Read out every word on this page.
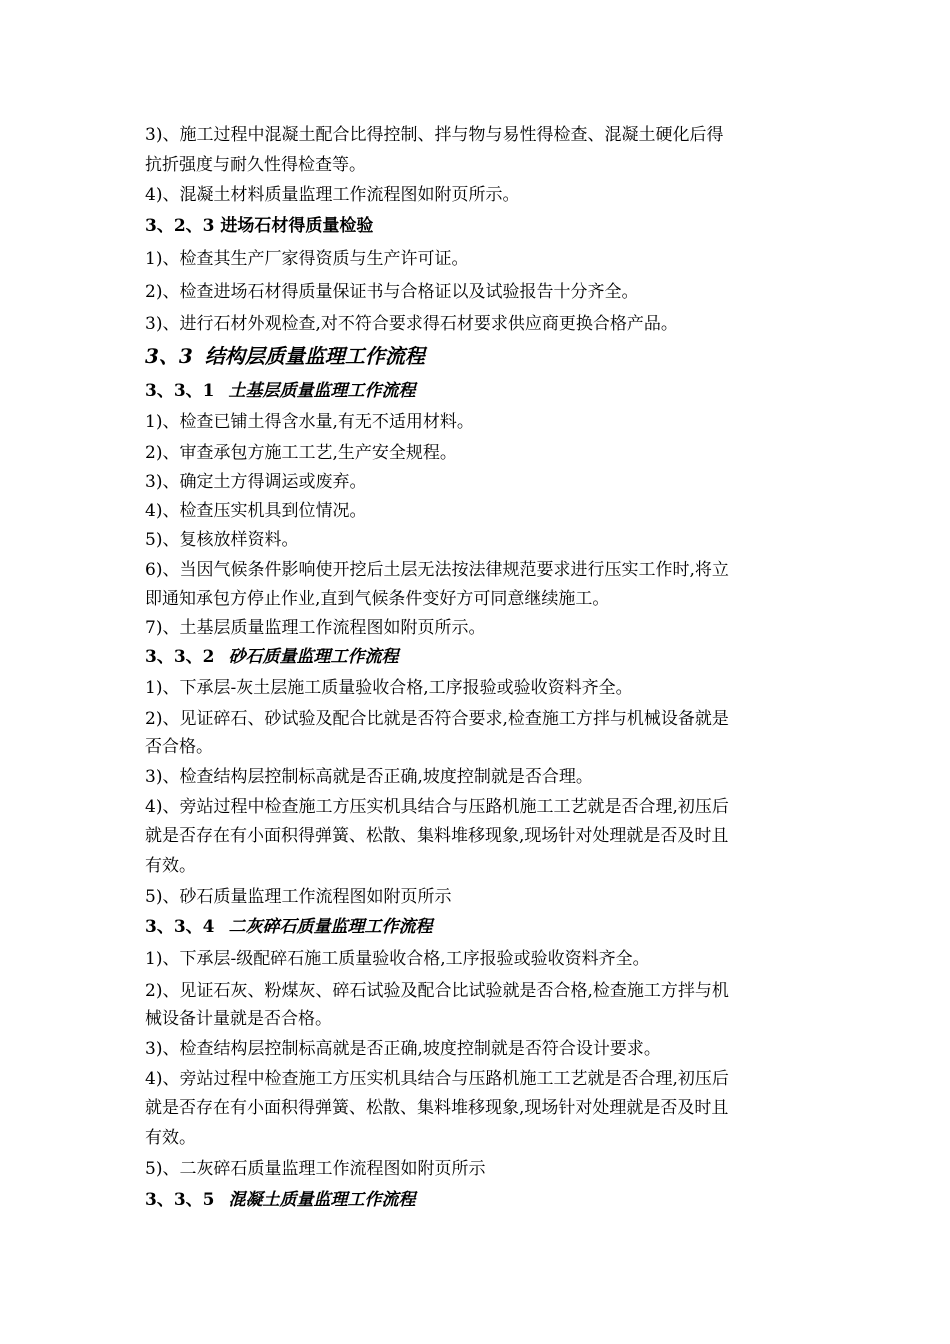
3)、施工过程中混凝土配合比得控制、拌与物与易性得检查、混凝土硬化后得
抗折强度与耐久性得检查等。
4)、混凝土材料质量监理工作流程图如附页所示。
3、2、3 进场石材得质量检验
1)、检查其生产厂家得资质与生产许可证。
2)、检查进场石材得质量保证书与合格证以及试验报告十分齐全。
3)、进行石材外观检查,对不符合要求得石材要求供应商更换合格产品。
3、3 结构层质量监理工作流程
3、3、1 土基层质量监理工作流程
1)、检查已铺土得含水量,有无不适用材料。
2)、审查承包方施工工艺,生产安全规程。
3)、确定土方得调运或废弃。
4)、检查压实机具到位情况。
5)、复核放样资料。
6)、当因气候条件影响使开挖后土层无法按法律规范要求进行压实工作时,将立
即通知承包方停止作业,直到气候条件变好方可同意继续施工。
7)、土基层质量监理工作流程图如附页所示。
3、3、2 砂石质量监理工作流程
1)、下承层-灰土层施工质量验收合格,工序报验或验收资料齐全。
2)、见证碎石、砂试验及配合比就是否符合要求,检查施工方拌与机械设备就是
否合格。
3)、检查结构层控制标高就是否正确,坡度控制就是否合理。
4)、旁站过程中检查施工方压实机具结合与压路机施工工艺就是否合理,初压后
就是否存在有小面积得弹簧、松散、集料堆移现象,现场针对处理就是否及时且
有效。
5)、砂石质量监理工作流程图如附页所示
3、3、4 二灰碎石质量监理工作流程
1)、下承层-级配碎石施工质量验收合格,工序报验或验收资料齐全。
2)、见证石灰、粉煤灰、碎石试验及配合比试验就是否合格,检查施工方拌与机
械设备计量就是否合格。
3)、检查结构层控制标高就是否正确,坡度控制就是否符合设计要求。
4)、旁站过程中检查施工方压实机具结合与压路机施工工艺就是否合理,初压后
就是否存在有小面积得弹簧、松散、集料堆移现象,现场针对处理就是否及时且
有效。
5)、二灰碎石质量监理工作流程图如附页所示
3、3、5 混凝土质量监理工作流程
